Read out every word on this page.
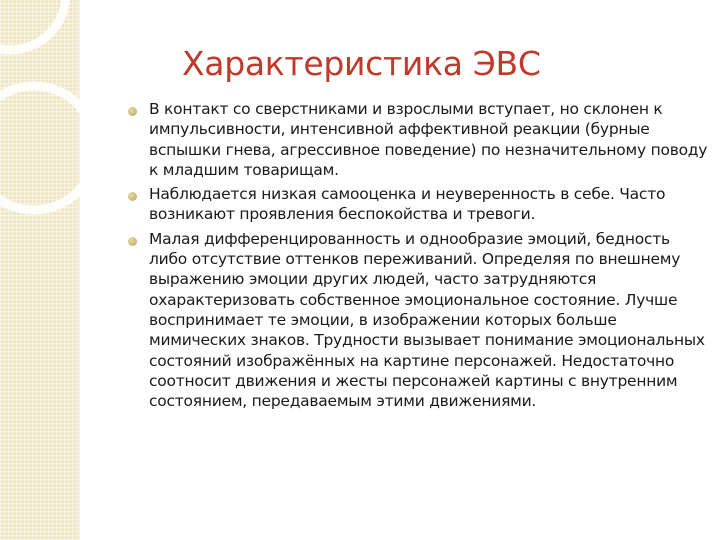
Характеристика ЭВС
В контакт со сверстниками и взрослыми вступает, но склонен к импульсивности, интенсивной аффективной реакции (бурные вспышки гнева, агрессивное поведение) по незначительному поводу к младшим товарищам.
Наблюдается низкая самооценка и неуверенность в себе. Часто возникают проявления беспокойства и тревоги.
Малая дифференцированность и однообразие эмоций, бедность либо отсутствие оттенков переживаний. Определяя по внешнему выражению эмоции других людей, часто затрудняются охарактеризовать собственное эмоциональное состояние. Лучше воспринимает те эмоции, в изображении которых больше мимических знаков. Трудности вызывает понимание эмоциональных состояний изображённых на картине персонажей. Недостаточно соотносит движения и жесты персонажей картины с внутренним состоянием, передаваемым этими движениями.
